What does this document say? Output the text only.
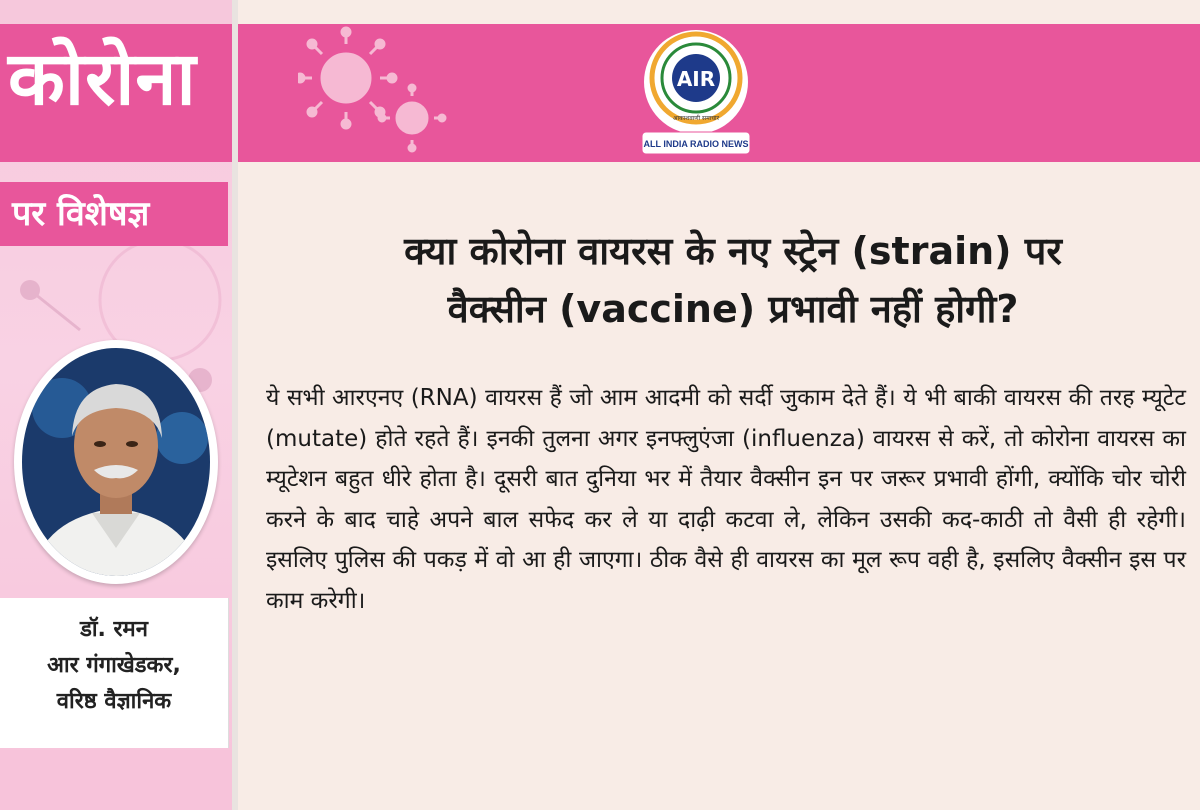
कोरोना
पर विशेषज्ञ
डॉ. रमन
आर गंगाखेडकर,
वरिष्ठ वैज्ञानिक
AIR
आकाशवाणी समाचार
ALL INDIA RADIO NEWS
क्या कोरोना वायरस के नए स्ट्रेन (strain) पर
वैक्सीन (vaccine) प्रभावी नहीं होगी?
ये सभी आरएनए (RNA) वायरस हैं जो आम आदमी को सर्दी जुकाम देते हैं। ये भी बाकी वायरस की तरह म्यूटेट (mutate) होते रहते हैं। इनकी तुलना अगर इनफ्लुएंजा (influenza) वायरस से करें, तो कोरोना वायरस का म्यूटेशन बहुत धीरे होता है। दूसरी बात दुनिया भर में तैयार वैक्सीन इन पर जरूर प्रभावी होंगी, क्योंकि चोर चोरी करने के बाद चाहे अपने बाल सफेद कर ले या दाढ़ी कटवा ले, लेकिन उसकी कद-काठी तो वैसी ही रहेगी। इसलिए पुलिस की पकड़ में वो आ ही जाएगा। ठीक वैसे ही वायरस का मूल रूप वही है, इसलिए वैक्सीन इस पर काम करेगी।
